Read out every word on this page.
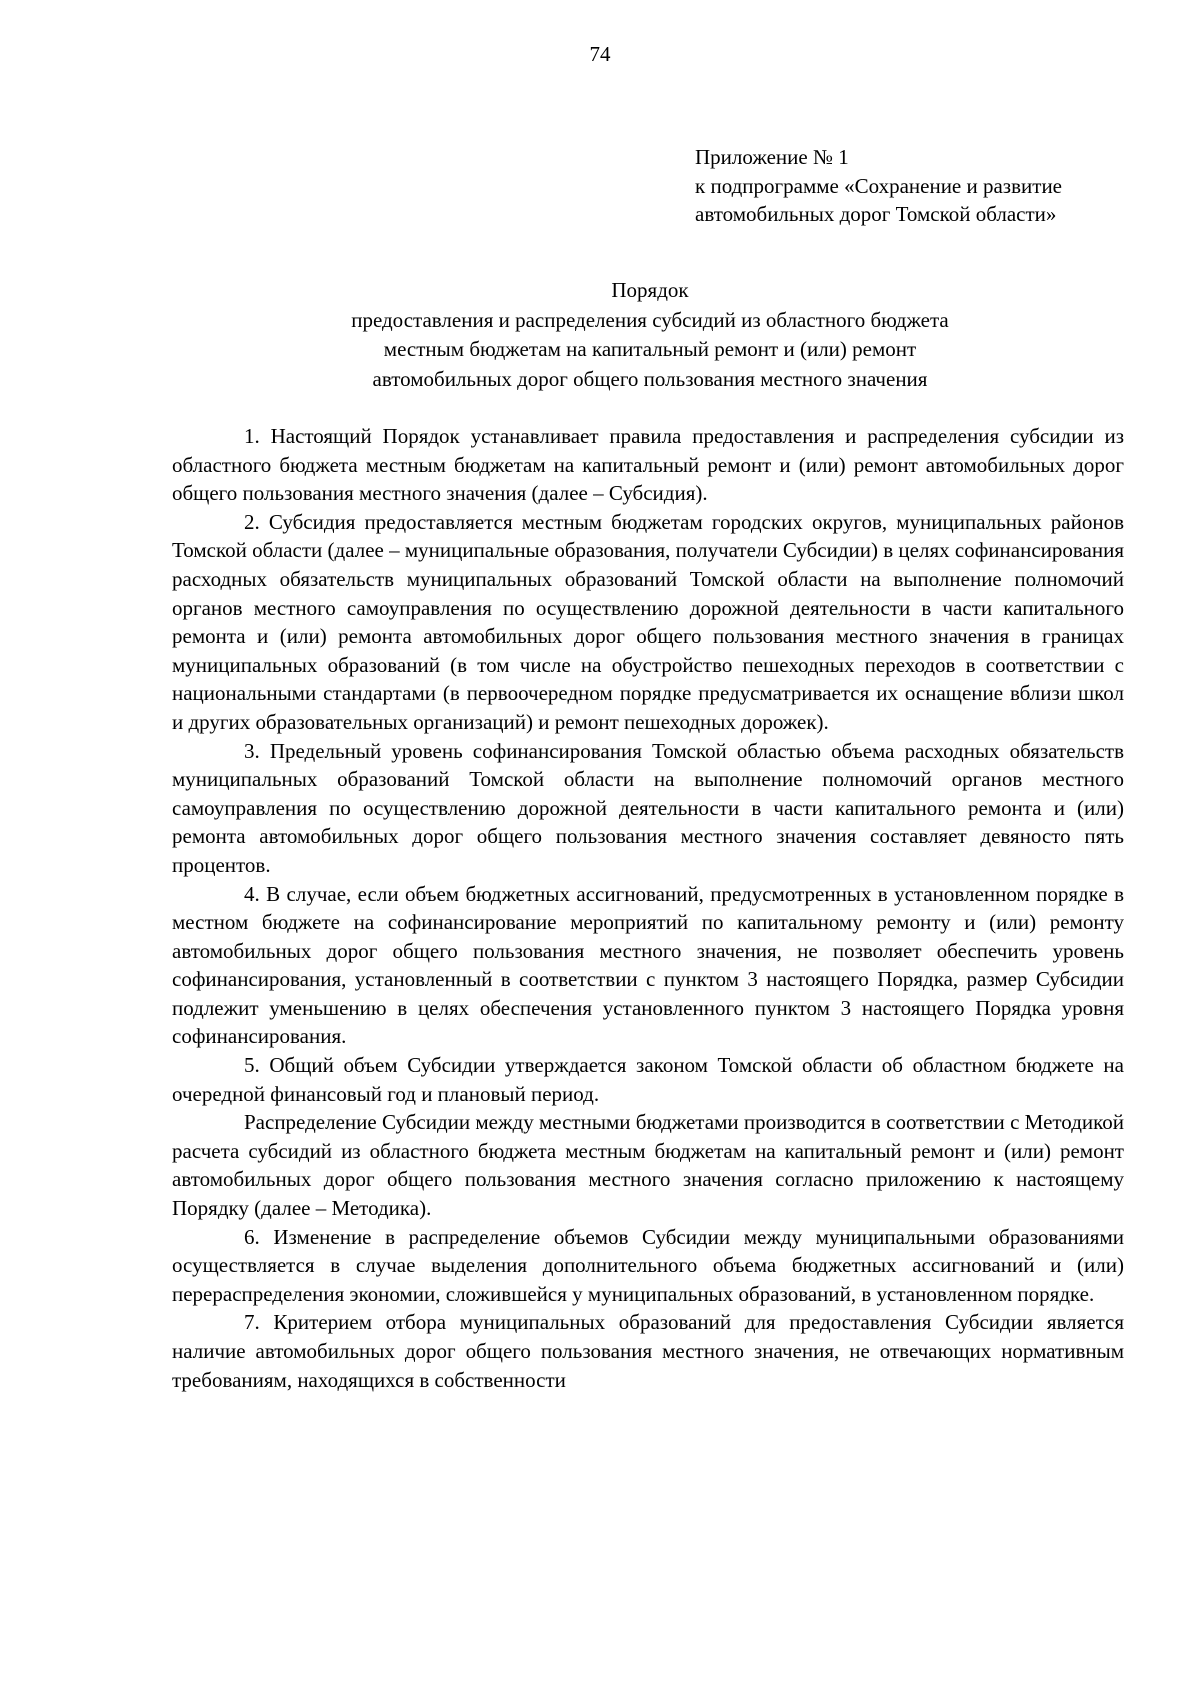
74
Приложение № 1
к подпрограмме «Сохранение и развитие
автомобильных дорог Томской области»
Порядок
предоставления и распределения субсидий из областного бюджета
местным бюджетам на капитальный ремонт и (или) ремонт
автомобильных дорог общего пользования местного значения

1. Настоящий Порядок устанавливает правила предоставления и распределения субсидии из областного бюджета местным бюджетам на капитальный ремонт и (или) ремонт автомобильных дорог общего пользования местного значения (далее – Субсидия).

2. Субсидия предоставляется местным бюджетам городских округов, муниципальных районов Томской области (далее – муниципальные образования, получатели Субсидии) в целях софинансирования расходных обязательств муниципальных образований Томской области на выполнение полномочий органов местного самоуправления по осуществлению дорожной деятельности в части капитального ремонта и (или) ремонта автомобильных дорог общего пользования местного значения в границах муниципальных образований (в том числе на обустройство пешеходных переходов в соответствии с национальными стандартами (в первоочередном порядке предусматривается их оснащение вблизи школ и других образовательных организаций) и ремонт пешеходных дорожек).

3. Предельный уровень софинансирования Томской областью объема расходных обязательств муниципальных образований Томской области на выполнение полномочий органов местного самоуправления по осуществлению дорожной деятельности в части капитального ремонта и (или) ремонта автомобильных дорог общего пользования местного значения составляет девяносто пять процентов.

4. В случае, если объем бюджетных ассигнований, предусмотренных в установленном порядке в местном бюджете на софинансирование мероприятий по капитальному ремонту и (или) ремонту автомобильных дорог общего пользования местного значения, не позволяет обеспечить уровень софинансирования, установленный в соответствии с пунктом 3 настоящего Порядка, размер Субсидии подлежит уменьшению в целях обеспечения установленного пунктом 3 настоящего Порядка уровня софинансирования.

5. Общий объем Субсидии утверждается законом Томской области об областном бюджете на очередной финансовый год и плановый период.

Распределение Субсидии между местными бюджетами производится в соответствии с Методикой расчета субсидий из областного бюджета местным бюджетам на капитальный ремонт и (или) ремонт автомобильных дорог общего пользования местного значения согласно приложению к настоящему Порядку (далее – Методика).

6. Изменение в распределение объемов Субсидии между муниципальными образованиями осуществляется в случае выделения дополнительного объема бюджетных ассигнований и (или) перераспределения экономии, сложившейся у муниципальных образований, в установленном порядке.

7. Критерием отбора муниципальных образований для предоставления Субсидии является наличие автомобильных дорог общего пользования местного значения, не отвечающих нормативным требованиям, находящихся в собственности
